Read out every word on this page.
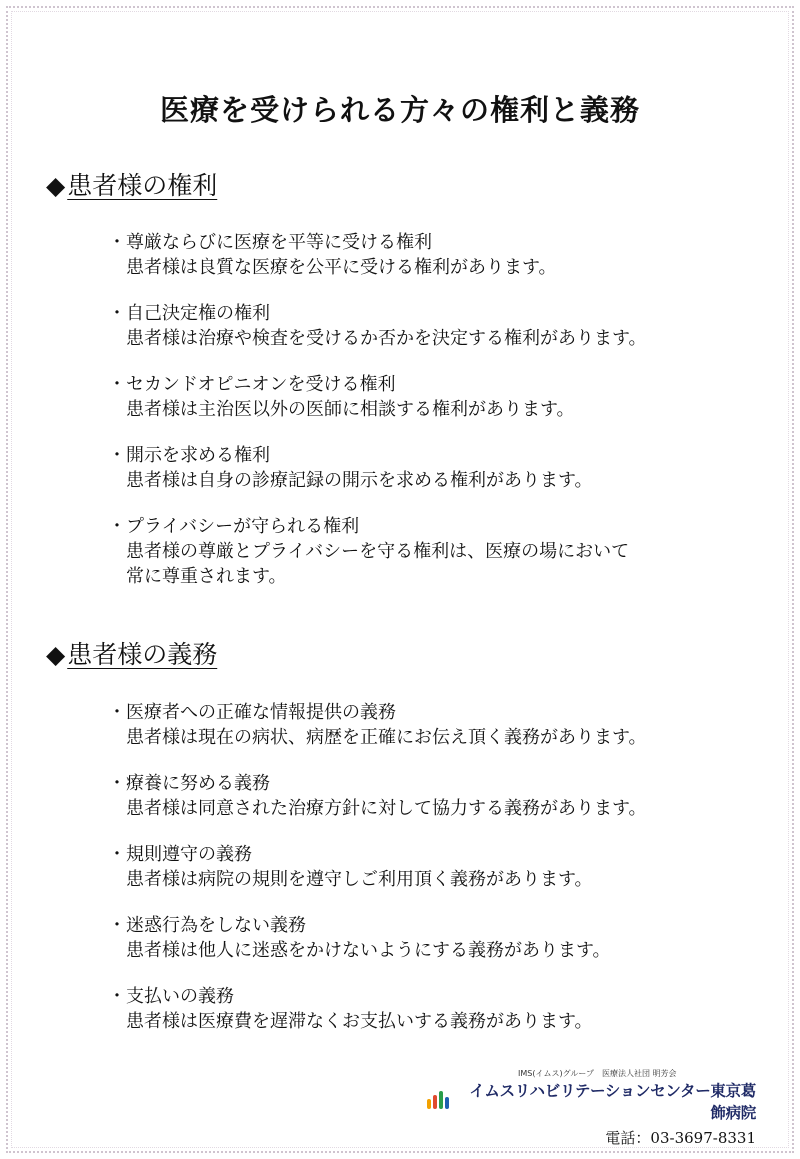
医療を受けられる方々の権利と義務
◆患者様の権利
・尊厳ならびに医療を平等に受ける権利
患者様は良質な医療を公平に受ける権利があります。
・自己決定権の権利
患者様は治療や検査を受けるか否かを決定する権利があります。
・セカンドオピニオンを受ける権利
患者様は主治医以外の医師に相談する権利があります。
・開示を求める権利
患者様は自身の診療記録の開示を求める権利があります。
・プライバシーが守られる権利
患者様の尊厳とプライバシーを守る権利は、医療の場において
常に尊重されます。
◆患者様の義務
・医療者への正確な情報提供の義務
患者様は現在の病状、病歴を正確にお伝え頂く義務があります。
・療養に努める義務
患者様は同意された治療方針に対して協力する義務があります。
・規則遵守の義務
患者様は病院の規則を遵守しご利用頂く義務があります。
・迷惑行為をしない義務
患者様は他人に迷惑をかけないようにする義務があります。
・支払いの義務
患者様は医療費を遅滞なくお支払いする義務があります。
IMS(イムス)グループ　医療法人社団 明芳会
イムスリハビリテーションセンター東京葛飾病院
電話：03-3697-8331
